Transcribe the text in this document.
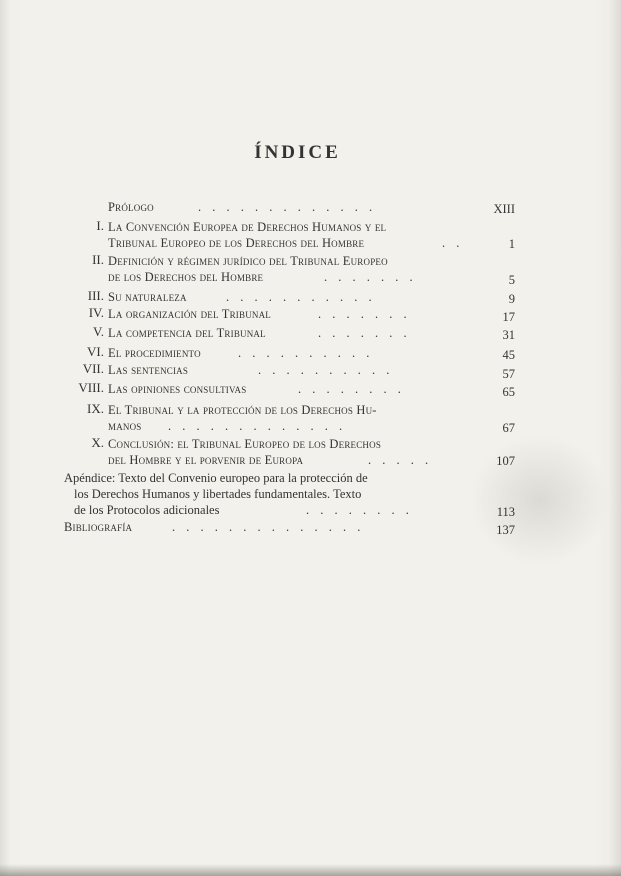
ÍNDICE
Prólogo	. . . . . . . . . . . . .	XIII
I. La Convención Europea de Derechos Humanos y el
Tribunal Europeo de los Derechos del Hombre	. .	1
II. Definición y régimen jurídico del Tribunal Europeo
de los Derechos del Hombre	. . . . . . .	5
III. Su naturaleza	. . . . . . . . . . .	9
IV. La organización del Tribunal	. . . . . . .	17
V. La competencia del Tribunal	. . . . . . .	31
VI. El procedimiento	. . . . . . . . . .	45
VII. Las sentencias	. . . . . . . . . .	57
VIII. Las opiniones consultivas	. . . . . . . .	65
IX. El Tribunal y la protección de los Derechos Hu-
manos . . . . . . . . . . . . .	67
X. Conclusión: el Tribunal Europeo de los Derechos
del Hombre y el porvenir de Europa	. . . . .	107
Apéndice: Texto del Convenio europeo para la protección de
los Derechos Humanos y libertades fundamentales. Texto
de los Protocolos adicionales	. . . . . . . .	113
Bibliografía	. . . . . . . . . . . . . .	137
